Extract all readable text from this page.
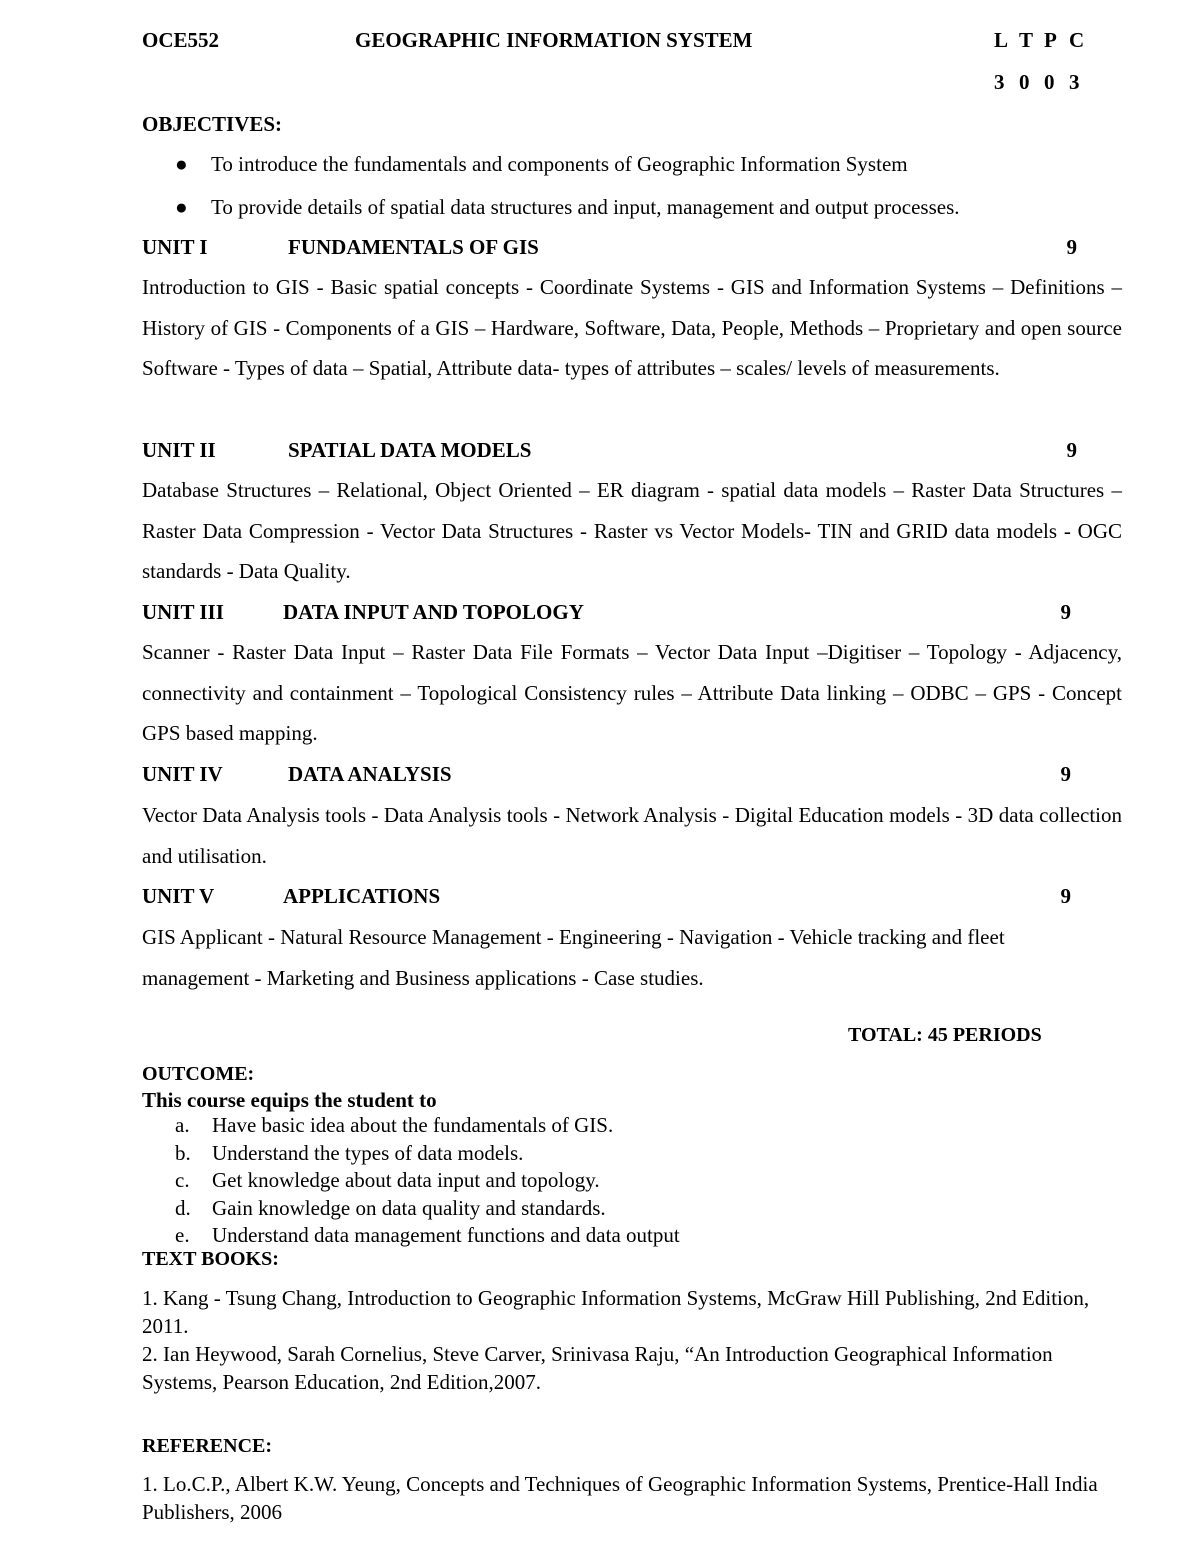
OCE552	GEOGRAPHIC INFORMATION SYSTEM	L T P C
3 0 0 3
OBJECTIVES:
● To introduce the fundamentals and components of Geographic Information System
● To provide details of spatial data structures and input, management and output processes.
UNIT I	FUNDAMENTALS OF GIS	9
Introduction to GIS - Basic spatial concepts - Coordinate Systems - GIS and Information Systems – Definitions – History of GIS - Components of a GIS – Hardware, Software, Data, People, Methods – Proprietary and open source Software - Types of data – Spatial, Attribute data- types of attributes – scales/ levels of measurements.
UNIT II	SPATIAL DATA MODELS	9
Database Structures – Relational, Object Oriented – ER diagram - spatial data models – Raster Data Structures – Raster Data Compression - Vector Data Structures - Raster vs Vector Models- TIN and GRID data models - OGC standards - Data Quality.
UNIT III	DATA INPUT AND TOPOLOGY	9
Scanner - Raster Data Input – Raster Data File Formats – Vector Data Input –Digitiser – Topology - Adjacency, connectivity and containment – Topological Consistency rules – Attribute Data linking – ODBC – GPS - Concept GPS based mapping.
UNIT IV	DATA ANALYSIS	9
Vector Data Analysis tools - Data Analysis tools - Network Analysis - Digital Education models - 3D data collection and utilisation.
UNIT V	APPLICATIONS	9
GIS Applicant - Natural Resource Management - Engineering - Navigation - Vehicle tracking and fleet management - Marketing and Business applications - Case studies.
TOTAL: 45 PERIODS
OUTCOME:
This course equips the student to
a. Have basic idea about the fundamentals of GIS.
b. Understand the types of data models.
c. Get knowledge about data input and topology.
d. Gain knowledge on data quality and standards.
e. Understand data management functions and data output
TEXT BOOKS:
1. Kang - Tsung Chang, Introduction to Geographic Information Systems, McGraw Hill Publishing, 2nd Edition, 2011.
2. Ian Heywood, Sarah Cornelius, Steve Carver, Srinivasa Raju, “An Introduction Geographical Information Systems, Pearson Education, 2nd Edition,2007.
REFERENCE:
1. Lo.C.P., Albert K.W. Yeung, Concepts and Techniques of Geographic Information Systems, Prentice-Hall India Publishers, 2006
